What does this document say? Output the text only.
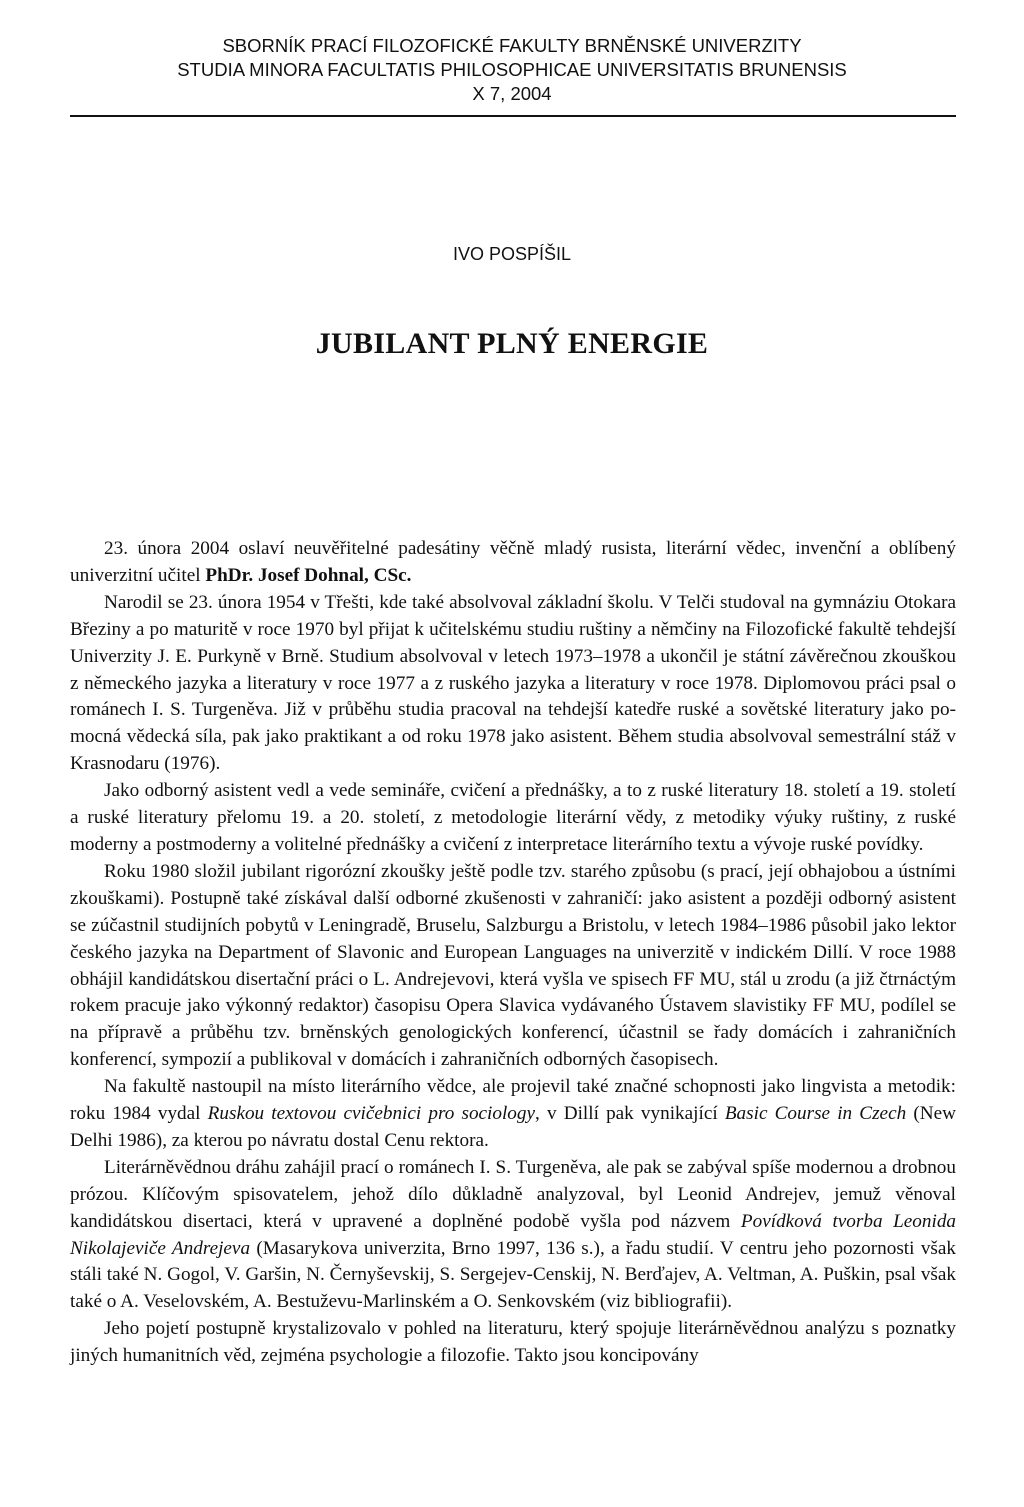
SBORNÍK PRACÍ FILOZOFICKÉ FAKULTY BRNĚNSKÉ UNIVERZITY
STUDIA MINORA FACULTATIS PHILOSOPHICAE UNIVERSITATIS BRUNENSIS
X 7, 2004
IVO POSPÍŠIL
JUBILANT PLNÝ ENERGIE

23. února 2004 oslaví neuvěřitelné padesátiny věčně mladý rusista, literární vědec, invenční a oblíbený univerzitní učitel PhDr. Josef Dohnal, CSc.

Narodil se 23. února 1954 v Třešti, kde také absolvoval základní školu. V Telči studoval na gymnáziu Otokara Březiny a po maturitě v roce 1970 byl přijat k učitelskému studiu ruštiny a němčiny na Filozofické fakultě tehdejší Univerzity J. E. Purkyně v Brně. Studium absolvoval v letech 1973–1978 a ukončil je státní závěrečnou zkouškou z německého jazyka a literatury v roce 1977 a z ruského jazyka a literatury v roce 1978. Diplomovou práci psal o románech I. S. Turgeněva. Již v průběhu studia pracoval na tehdejší katedře ruské a sovětské literatury jako pomocná vědecká síla, pak jako praktikant a od roku 1978 jako asistent. Během studia absolvoval semestrální stáž v Krasnodaru (1976).

Jako odborný asistent vedl a vede semináře, cvičení a přednášky, a to z ruské literatury 18. století a 19. století a ruské literatury přelomu 19. a 20. století, z metodologie literární vědy, z metodiky výuky ruštiny, z ruské moderny a postmoderny a volitelné přednášky a cvičení z interpretace literárního textu a vývoje ruské povídky.

Roku 1980 složil jubilant rigorózní zkoušky ještě podle tzv. starého způsobu (s prací, její obhajobou a ústními zkouškami). Postupně také získával další odborné zkušenosti v zahraničí: jako asistent a později odborný asistent se zúčastnil studijních pobytů v Leningradě, Bruselu, Salzburgu a Bristolu, v letech 1984–1986 působil jako lektor českého jazyka na Department of Slavonic and European Languages na univerzitě v indickém Dillí. V roce 1988 obhájil kandidátskou disertační práci o L. Andrejevovi, která vyšla ve spisech FF MU, stál u zrodu (a již čtrnáctým rokem pracuje jako výkonný redaktor) časopisu Opera Slavica vydávaného Ústavem slavistiky FF MU, podílel se na přípravě a průběhu tzv. brněnských genologických konferencí, účastnil se řady domácích i zahraničních konferencí, sympozií a publikoval v domácích i zahraničních odborných časopisech.

Na fakultě nastoupil na místo literárního vědce, ale projevil také značné schopnosti jako lingvista a metodik: roku 1984 vydal Ruskou textovou cvičebnici pro sociology, v Dillí pak vynikající Basic Course in Czech (New Delhi 1986), za kterou po návratu dostal Cenu rektora.

Literárněvědnou dráhu zahájil prací o románech I. S. Turgeněva, ale pak se zabýval spíše modernou a drobnou prózou. Klíčovým spisovatelem, jehož dílo důkladně analyzoval, byl Leonid Andrejev, jemuž věnoval kandidátskou disertaci, která v upravené a doplněné podobě vyšla pod názvem Povídková tvorba Leonida Nikolajeviče Andrejeva (Masarykova univerzita, Brno 1997, 136 s.), a řadu studií. V centru jeho pozornosti však stáli také N. Gogol, V. Garšin, N. Černyševskij, S. Sergejev-Censkij, N. Berďajev, A. Veltman, A. Puškin, psal však také o A. Veselovském, A. Bestuževu-Marlinském a O. Senkovském (viz bibliografii).

Jeho pojetí postupně krystalizovalo v pohled na literaturu, který spojuje literárněvědnou analýzu s poznatky jiných humanitních věd, zejména psychologie a filozofie. Takto jsou koncipovány
